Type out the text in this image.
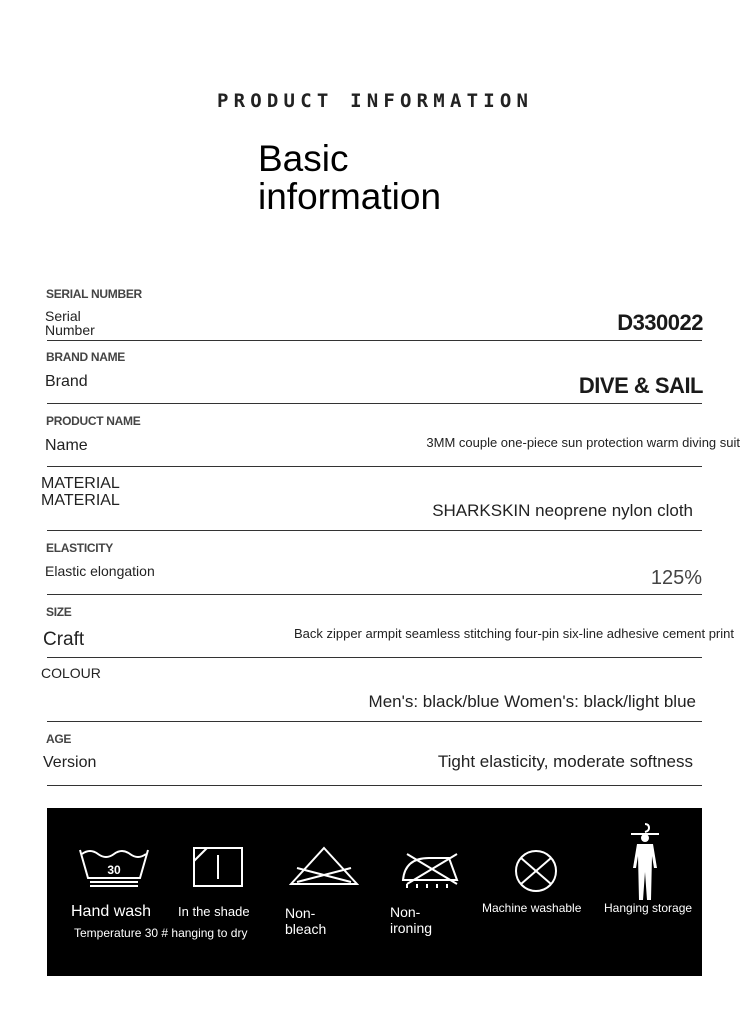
PRODUCT INFORMATION
Basic information
SERIAL NUMBER
Serial Number	D330022
BRAND NAME
Brand	DIVE & SAIL
PRODUCT NAME
Name	3MM couple one-piece sun protection warm diving suit
MATERIAL
MATERIAL
SHARKSKIN neoprene nylon cloth
ELASTICITY
Elastic elongation	125%
SIZE
Craft	Back zipper armpit seamless stitching four-pin six-line adhesive cement print
COLOUR
Men's: black/blue Women's: black/light blue
AGE
Version	Tight elasticity, moderate softness
30
Hand wash
Temperature 30 # hanging to dry
In the shade	Non-bleach
Non-ironing
Machine washable Hanging storage
